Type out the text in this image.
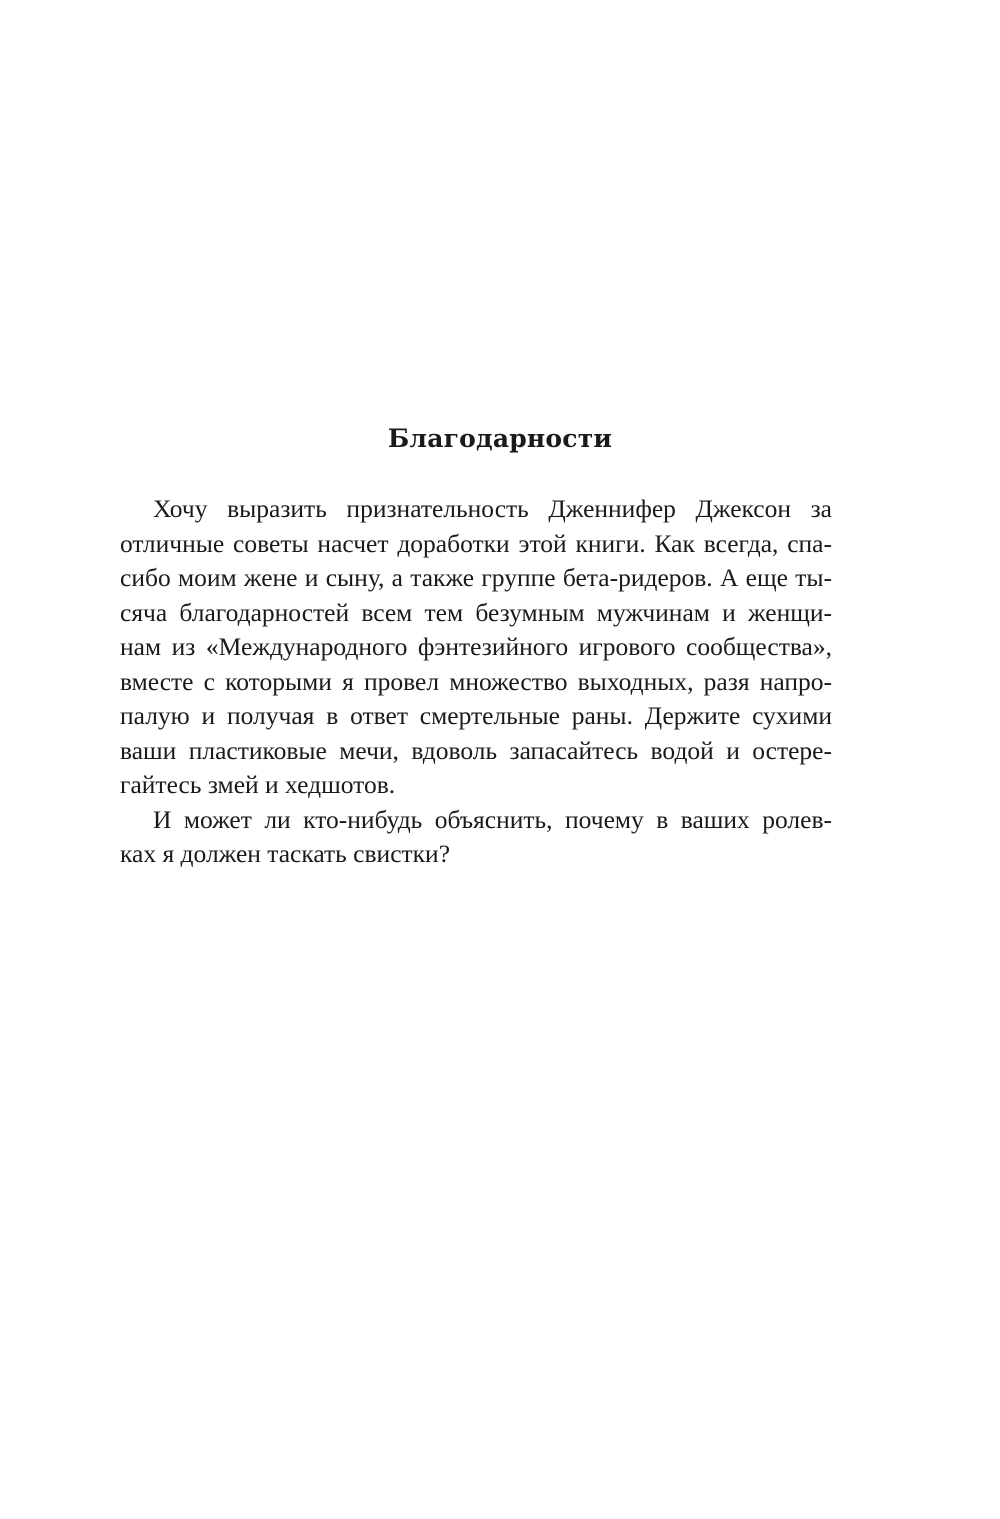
Благодарности
Хочу выразить признательность Дженнифер Джексон за
отличные советы насчет доработки этой книги. Как всегда, спа-
сибо моим жене и сыну, а также группе бета-ридеров. А еще ты-
сяча благодарностей всем тем безумным мужчинам и женщи-
нам из «Международного фэнтезийного игрового сообщества»,
вместе с которыми я провел множество выходных, разя напро-
палую и получая в ответ смертельные раны. Держите сухими
ваши пластиковые мечи, вдоволь запасайтесь водой и остере-
гайтесь змей и хедшотов.
И может ли кто-нибудь объяснить, почему в ваших ролев-
ках я должен таскать свистки?
